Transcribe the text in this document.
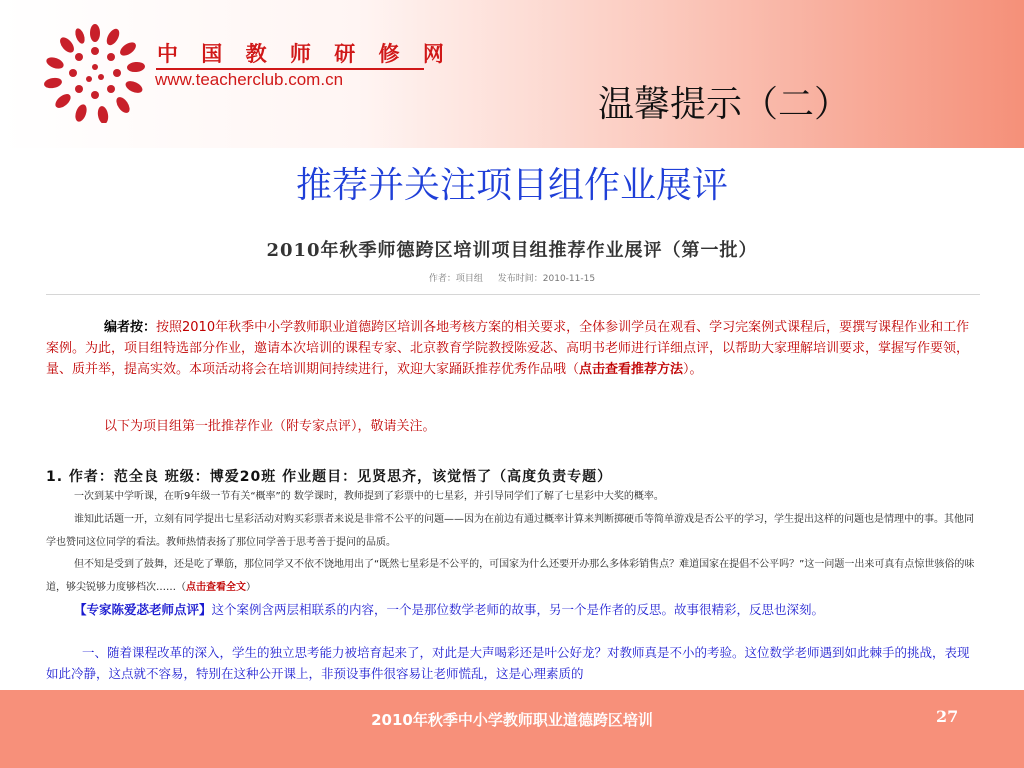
中 国 教 师 研 修 网
www.teacherclub.com.cn
温馨提示（二）
推荐并关注项目组作业展评
2010年秋季师德跨区培训项目组推荐作业展评（第一批）
作者：项目组 发布时间：2010-11-15
编者按：按照2010年秋季中小学教师职业道德跨区培训各地考核方案的相关要求，全体参训学员在观看、学习完案例式课程后，要撰写课程作业和工作案例。为此，项目组特选部分作业，邀请本次培训的课程专家、北京教育学院教授陈爱苾、高明书老师进行详细点评，以帮助大家理解培训要求，掌握写作要领，量、质并举，提高实效。本项活动将会在培训期间持续进行，欢迎大家踊跃推荐优秀作品哦（点击查看推荐方法）。
以下为项目组第一批推荐作业（附专家点评），敬请关注。
1. 作者：范全良 班级：博爱20班 作业题目：见贤思齐，该觉悟了（高度负责专题）
一次到某中学听课，在听9年级一节有关“概率”的 数学课时，教师提到了彩票中的七星彩，并引导同学们了解了七星彩中大奖的概率。
谁知此话题一开，立刻有同学提出七星彩活动对购买彩票者来说是非常不公平的问题——因为在前边有通过概率计算来判断掷硬币等简单游戏是否公平的学习，学生提出这样的问题也是情理中的事。其他同学也赞同这位同学的看法。教师热情表扬了那位同学善于思考善于提问的品质。
但不知是受到了鼓舞，还是吃了犟筋，那位同学又不依不饶地用出了“既然七星彩是不公平的，可国家为什么还要开办那么多体彩销售点？难道国家在提倡不公平吗？”这一问题一出来可真有点惊世骇俗的味道，够尖锐够力度够档次……（点击查看全文）
【专家陈爱苾老师点评】这个案例含两层相联系的内容，一个是那位数学老师的故事，另一个是作者的反思。故事很精彩，反思也深刻。
一、随着课程改革的深入，学生的独立思考能力被培育起来了，对此是大声喝彩还是叶公好龙？对教师真是不小的考验。这位数学老师遇到如此棘手的挑战，表现如此冷静，这点就不容易，特别在这种公开课上，非预设事件很容易让老师慌乱，这是心理素质的
2010年秋季中小学教师职业道德跨区培训	27
